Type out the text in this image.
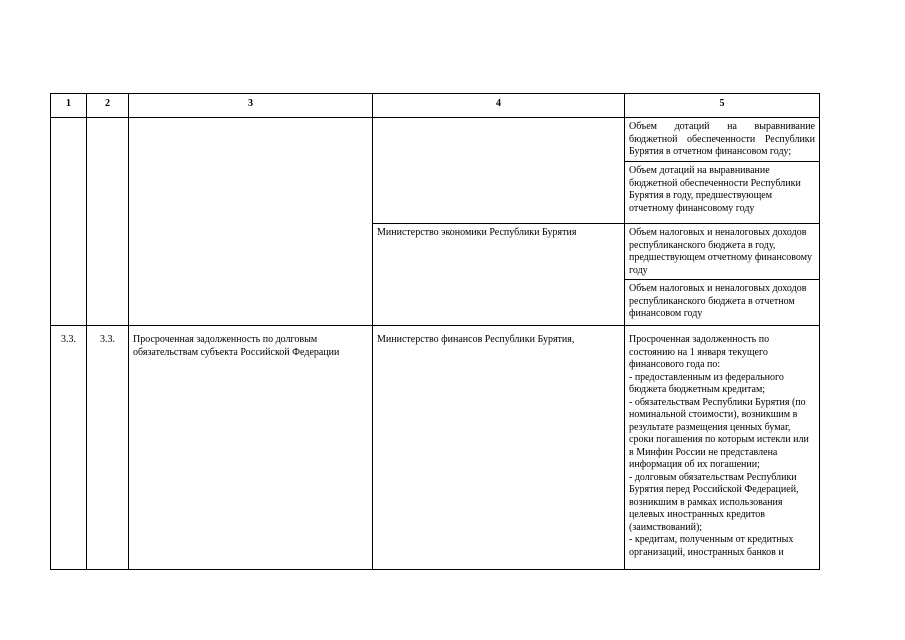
1	2	3	4	5
				Объем дотаций на выравнивание бюджетной обеспеченности Республики Бурятия в отчетном финансовом году;
				Объем дотаций на выравнивание бюджетной обеспеченности Республики Бурятия в году, предшествующем отчетному финансовому году
			Министерство экономики Республики Бурятия	Объем налоговых и неналоговых доходов республиканского бюджета в году, предшествующем отчетному финансовому году
				Объем налоговых и неналоговых доходов республиканского бюджета в отчетном финансовом году
3.3.	3.3.	Просроченная задолженность по долговым обязательствам субъекта Российской Федерации	Министерство финансов Республики Бурятия,	Просроченная задолженность по состоянию на 1 января текущего финансового года по:
- предоставленным из федерального бюджета бюджетным кредитам;
- обязательствам Республики Бурятия (по номинальной стоимости), возникшим в результате размещения ценных бумаг, сроки погашения по которым истекли или в Минфин России не представлена информация об их погашении;
- долговым обязательствам Республики Бурятия перед Российской Федерацией, возникшим в рамках использования целевых иностранных кредитов (заимствований);
- кредитам, полученным от кредитных организаций, иностранных банков и
